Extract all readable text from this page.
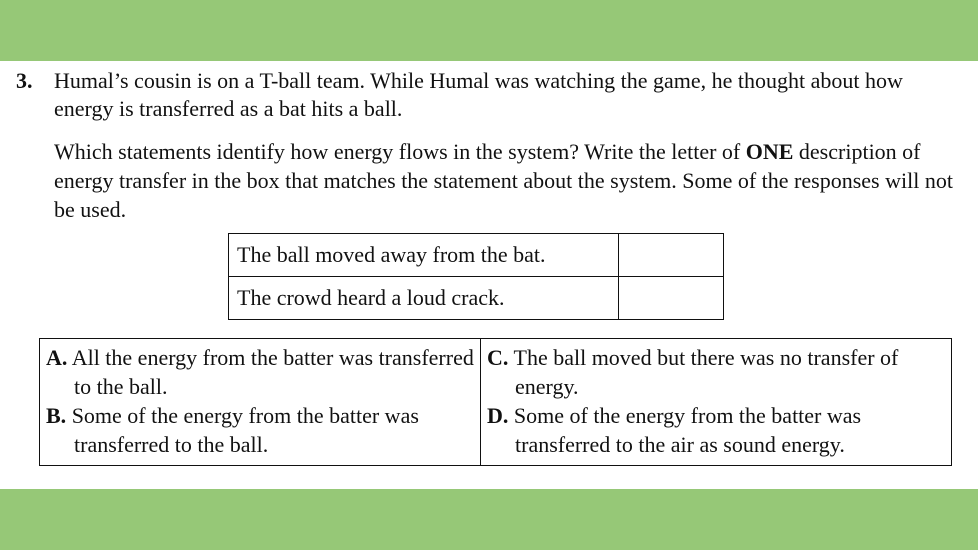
3. Humal’s cousin is on a T-ball team. While Humal was watching the game, he thought about how energy is transferred as a bat hits a ball.
Which statements identify how energy flows in the system? Write the letter of ONE description of energy transfer in the box that matches the statement about the system. Some of the responses will not be used.
The ball moved away from the bat.	
The crowd heard a loud crack.	
A. All the energy from the batter was transferred to the ball.
B. Some of the energy from the batter was transferred to the ball.

C. The ball moved but there was no transfer of energy.
D. Some of the energy from the batter was transferred to the air as sound energy.
